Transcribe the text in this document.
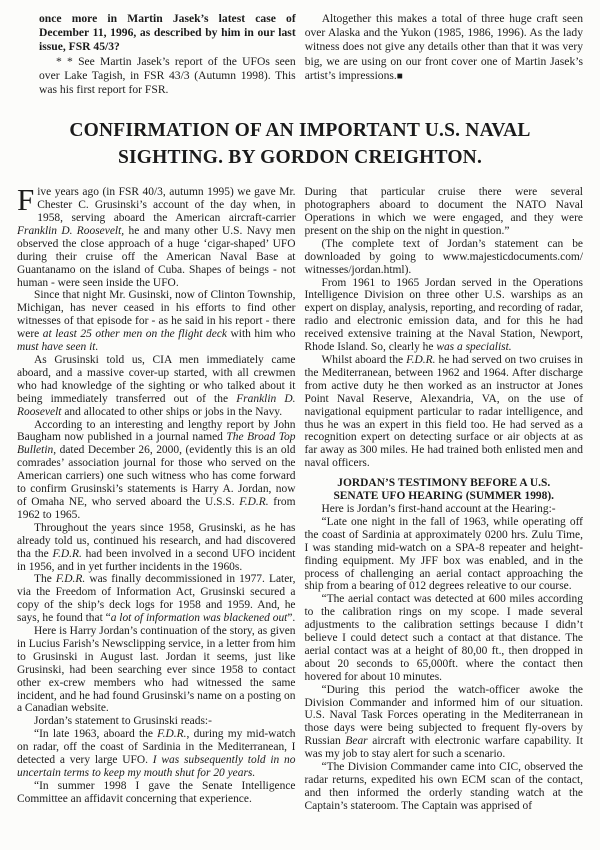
once more in Martin Jasek’s latest case of December 11, 1996, as described by him in our last issue, FSR 45/3?

* * See Martin Jasek’s report of the UFOs seen over Lake Tagish, in FSR 43/3 (Autumn 1998). This was his first report for FSR.

Altogether this makes a total of three huge craft seen over Alaska and the Yukon (1985, 1986, 1996). As the lady witness does not give any details other than that it was very big, we are using on our front cover one of Martin Jasek’s artist’s impressions.■

CONFIRMATION OF AN IMPORTANT U.S. NAVAL
SIGHTING. BY GORDON CREIGHTON.

Five years ago (in FSR 40/3, autumn 1995) we gave Mr. Chester C. Grusinski’s account of the day when, in 1958, serving aboard the American aircraft-carrier Franklin D. Roosevelt, he and many other U.S. Navy men observed the close approach of a huge ‘cigar-shaped’ UFO during their cruise off the American Naval Base at Guantanamo on the island of Cuba. Shapes of beings - not human - were seen inside the UFO.

Since that night Mr. Gusinski, now of Clinton Township, Michigan, has never ceased in his efforts to find other witnesses of that episode for - as he said in his report - there were at least 25 other men on the flight deck with him who must have seen it.

As Grusinski told us, CIA men immediately came aboard, and a massive cover-up started, with all crewmen who had knowledge of the sighting or who talked about it being immediately transferred out of the Franklin D. Roosevelt and allocated to other ships or jobs in the Navy.

According to an interesting and lengthy report by John Baugham now published in a journal named The Broad Top Bulletin, dated December 26, 2000, (evidently this is an old comrades’ association journal for those who served on the American carriers) one such witness who has come forward to confirm Grusinski’s statements is Harry A. Jordan, now of Omaha NE, who served aboard the U.S.S. F.D.R. from 1962 to 1965.

Throughout the years since 1958, Grusinski, as he has already told us, continued his research, and had discovered tha the F.D.R. had been involved in a second UFO incident in 1956, and in yet further incidents in the 1960s.

The F.D.R. was finally decommissioned in 1977. Later, via the Freedom of Information Act, Grusinski secured a copy of the ship’s deck logs for 1958 and 1959. And, he says, he found that “a lot of information was blackened out”.

Here is Harry Jordan’s continuation of the story, as given in Lucius Farish’s Newsclipping service, in a letter from him to Grusinski in August last. Jordan it seems, just like Grusinski, had been searching ever since 1958 to contact other ex-crew members who had witnessed the same incident, and he had found Grusinski’s name on a posting on a Canadian website.

Jordan’s statement to Grusinski reads:-

“In late 1963, aboard the F.D.R., during my mid-watch on radar, off the coast of Sardinia in the Mediterranean, I detected a very large UFO. I was subsequently told in no uncertain terms to keep my mouth shut for 20 years.

“In summer 1998 I gave the Senate Intelligence Committee an affidavit concerning that experience.

During that particular cruise there were several photographers aboard to document the NATO Naval Operations in which we were engaged, and they were present on the ship on the night in question.”

(The complete text of Jordan’s statement can be downloaded by going to www.majesticdocuments.com/ witnesses/jordan.html).

From 1961 to 1965 Jordan served in the Operations Intelligence Division on three other U.S. warships as an expert on display, analysis, reporting, and recording of radar, radio and electronic emission data, and for this he had received extensive training at the Naval Station, Newport, Rhode Island. So, clearly he was a specialist.

Whilst aboard the F.D.R. he had served on two cruises in the Mediterranean, between 1962 and 1964. After discharge from active duty he then worked as an instructor at Jones Point Naval Reserve, Alexandria, VA, on the use of navigational equipment particular to radar intelligence, and thus he was an expert in this field too. He had served as a recognition expert on detecting surface or air objects at as far away as 300 miles. He had trained both enlisted men and naval officers.

JORDAN’S TESTIMONY BEFORE A U.S.
SENATE UFO HEARING (SUMMER 1998).

Here is Jordan’s first-hand account at the Hearing:-

“Late one night in the fall of 1963, while operating off the coast of Sardinia at approximately 0200 hrs. Zulu Time, I was standing mid-watch on a SPA-8 repeater and height-finding equipment. My JFF box was enabled, and in the process of challenging an aerial contact approaching the ship from a bearing of 012 degrees releative to our course.

“The aerial contact was detected at 600 miles according to the calibration rings on my scope. I made several adjustments to the calibration settings because I didn’t believe I could detect such a contact at that distance. The aerial contact was at a height of 80,00 ft., then dropped in about 20 seconds to 65,000ft. where the contact then hovered for about 10 minutes.

“During this period the watch-officer awoke the Division Commander and informed him of our situation. U.S. Naval Task Forces operating in the Mediterranean in those days were being subjected to frequent fly-overs by Russian Bear aircraft with electronic warfare capability. It was my job to stay alert for such a scenario.

“The Division Commander came into CIC, observed the radar returns, expedited his own ECM scan of the contact, and then informed the orderly standing watch at the Captain’s stateroom. The Captain was apprised of
